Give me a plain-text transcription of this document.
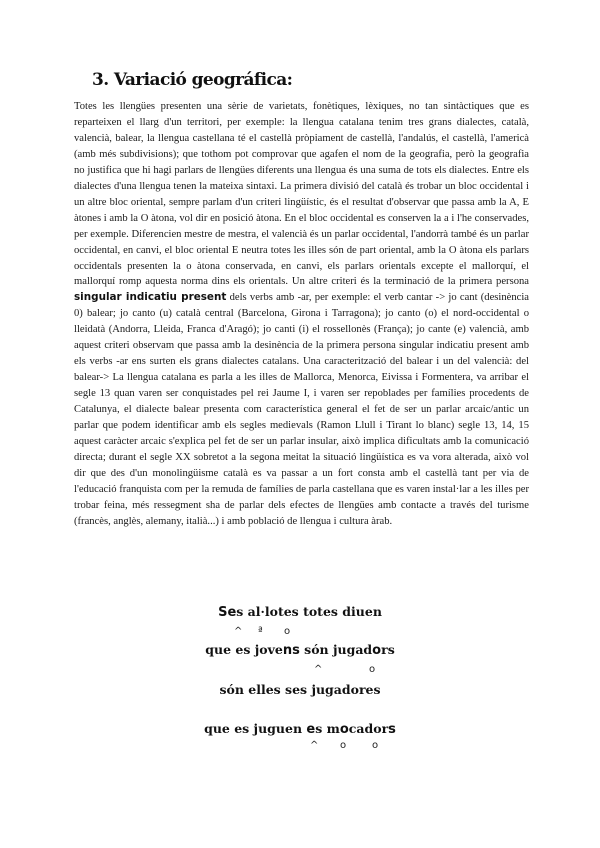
3. Variació geográfica:

Totes les llengües presenten una sèrie de varietats, fonètiques, lèxiques, no tan sintàctiques que es reparteixen el llarg d'un territori, per exemple: la llengua catalana tenim tres grans dialectes, català, valencià, balear, la llengua castellana té el castellà pròpiament de castellà, l'andalús, el castellà, l'americà (amb més subdivisions); que tothom pot comprovar que agafen el nom de la geografia, però la geografia no justifica que hi hagi parlars de llengües diferents una llengua és una suma de tots els dialectes. Entre els dialectes d'una llengua tenen la mateixa sintaxi. La primera divisió del català és trobar un bloc occidental i un altre bloc oriental, sempre parlam d'un criteri lingüístic, és el resultat d'observar que passa amb la A, E àtones i amb la O àtona, vol dir en posició àtona. En el bloc occidental es conserven la a i l'he conservades, per exemple. Diferencien mestre de mestra, el valencià és un parlar occidental, l'andorrà també és un parlar occidental, en canvi, el bloc oriental E neutra totes les illes són de part oriental, amb la O àtona els parlars occidentals presenten la o àtona conservada, en canvi, els parlars orientals excepte el mallorquí, el mallorquí romp aquesta norma dins els orientals. Un altre criteri és la terminació de la primera persona singular indicatiu present dels verbs amb -ar, per exemple: el verb cantar -> jo cant (desinència 0) balear; jo canto (u) català central (Barcelona, Girona i Tarragona); jo canto (o) el nord-occidental o lleidatà (Andorra, Lleida, Franca d'Aragó); jo canti (i) el rossellonès (França); jo cante (e) valencià, amb aquest criteri observam que passa amb la desinència de la primera persona singular indicatiu present amb els verbs -ar ens surten els grans dialectes catalans. Una caracterització del balear i un del valencià: del balear-> La llengua catalana es parla a les illes de Mallorca, Menorca, Eivissa i Formentera, va arribar el segle 13 quan varen ser conquistades pel rei Jaume I, i varen ser repoblades per famílies procedents de Catalunya, el dialecte balear presenta com característica general el fet de ser un parlar arcaic/antic un parlar que podem identificar amb els segles medievals (Ramon Llull i Tirant lo blanc) segle 13, 14, 15 aquest caràcter arcaic s'explica pel fet de ser un parlar insular, això implica dificultats amb la comunicació directa; durant el segle XX sobretot a la segona meitat la situació lingüística es va vora alterada, això vol dir que des d'un monolingüisme català es va passar a un fort consta amb el castellà tant per via de l'educació franquista com per la remuda de famílies de parla castellana que es varen instal·lar a les illes per trobar feina, més ressegment sha de parlar dels efectes de llengües amb contacte a través del turisme (francès, anglès, alemany, italià...) i amb població de llengua i cultura àrab.

Ses al·lotes totes diuen
^ ª o
que es jovens són jugadors
^	o
són elles ses jugadores
que es juguen es mocadors
^ o	o
